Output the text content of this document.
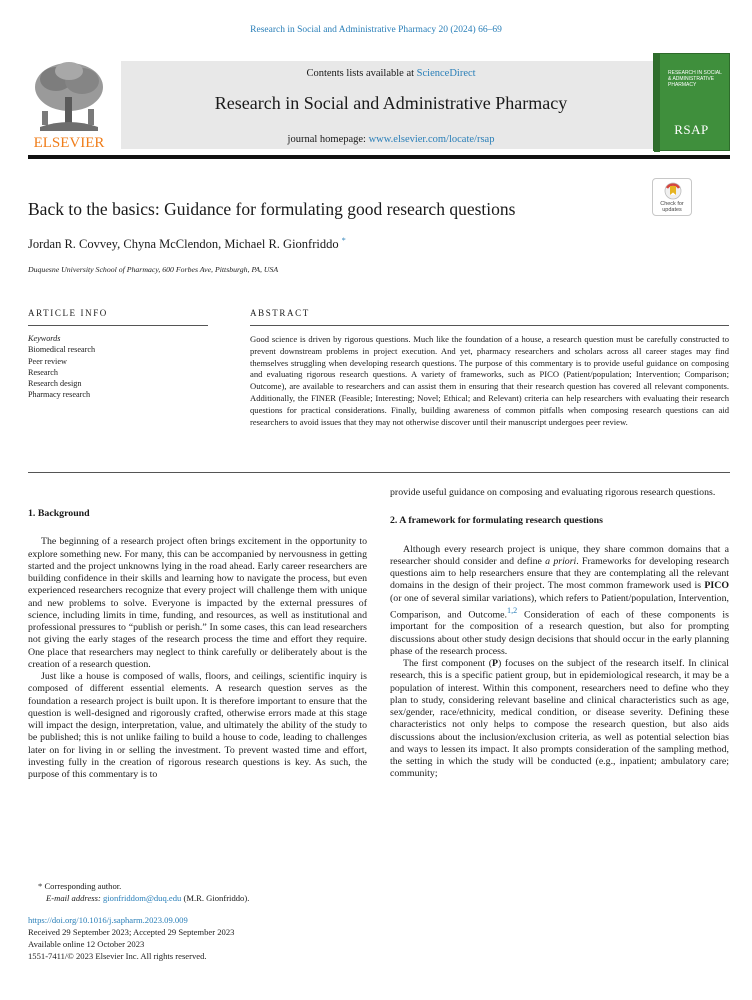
Research in Social and Administrative Pharmacy 20 (2024) 66–69
ELSEVIER
Contents lists available at ScienceDirect
Research in Social and Administrative Pharmacy
journal homepage: www.elsevier.com/locate/rsap
RESEARCH IN SOCIAL & ADMINISTRATIVE PHARMACY
RSAP
Check for updates
Back to the basics: Guidance for formulating good research questions
Jordan R. Covvey, Chyna McClendon, Michael R. Gionfriddo *
Duquesne University School of Pharmacy, 600 Forbes Ave, Pittsburgh, PA, USA
ARTICLE INFO	ABSTRACT
Keywords
Biomedical research
Peer review
Research
Research design
Pharmacy research
Good science is driven by rigorous questions. Much like the foundation of a house, a research question must be carefully constructed to prevent downstream problems in project execution. And yet, pharmacy researchers and scholars across all career stages may find themselves struggling when developing research questions. The purpose of this commentary is to provide useful guidance on composing and evaluating rigorous research questions. A variety of frameworks, such as PICO (Patient/population; Intervention; Comparison; Outcome), are available to researchers and can assist them in ensuring that their research question has covered all relevant components. Additionally, the FINER (Feasible; Interesting; Novel; Ethical; and Relevant) criteria can help researchers with evaluating their research questions for practical considerations. Finally, building awareness of common pitfalls when composing research questions can aid researchers to avoid issues that they may not otherwise discover until their manuscript undergoes peer review.
1. Background

The beginning of a research project often brings excitement in the opportunity to explore something new. For many, this can be accompanied by nervousness in getting started and the project unknowns lying in the road ahead. Early career researchers are building confidence in their skills and learning how to navigate the process, but even experienced researchers recognize that every project will challenge them with unique and new problems to solve. Everyone is impacted by the external pressures of science, including limits in time, funding, and resources, as well as institutional and professional pressures to “publish or perish.” In some cases, this can lead researchers not giving the early stages of the research process the time and effort they require. One place that researchers may neglect to think carefully or deliberately about is the creation of a research question.

Just like a house is composed of walls, floors, and ceilings, scientific inquiry is composed of different essential elements. A research question serves as the foundation a research project is built upon. It is therefore important to ensure that the question is well-designed and rigorously crafted, otherwise errors made at this stage will impact the design, interpretation, value, and ultimately the ability of the study to be published; this is not unlike failing to build a house to code, leading to challenges later on for living in or selling the investment. To prevent wasted time and effort, investing fully in the creation of rigorous research questions is key. As such, the purpose of this commentary is to

provide useful guidance on composing and evaluating rigorous research questions.

2. A framework for formulating research questions

Although every research project is unique, they share common domains that a researcher should consider and define a priori. Frameworks for developing research questions aim to help researchers ensure that they are contemplating all the relevant domains in the design of their project. The most common framework used is PICO (or one of several similar variations), which refers to Patient/population, Intervention, Comparison, and Outcome.$^{1,2}$ Consideration of each of these components is important for the composition of a research question, but also for prompting discussions about other study design decisions that should occur in the early planning phase of the research process.

The first component (P) focuses on the subject of the research itself. In clinical research, this is a specific patient group, but in epidemiological research, it may be a population of interest. Within this component, researchers need to define who they plan to study, considering relevant baseline and clinical characteristics such as age, sex/gender, race/ethnicity, medical condition, or disease severity. Defining these characteristics not only helps to compose the research question, but also aids discussions about the inclusion/exclusion criteria, as well as potential selection bias and ways to lessen its impact. It also prompts consideration of the sampling method, the setting in which the study will be conducted (e.g., inpatient; ambulatory care; community;

* Corresponding author.
E-mail address: gionfriddom@duq.edu (M.R. Gionfriddo).
https://doi.org/10.1016/j.sapharm.2023.09.009
Received 29 September 2023; Accepted 29 September 2023
Available online 12 October 2023
1551-7411/© 2023 Elsevier Inc. All rights reserved.
